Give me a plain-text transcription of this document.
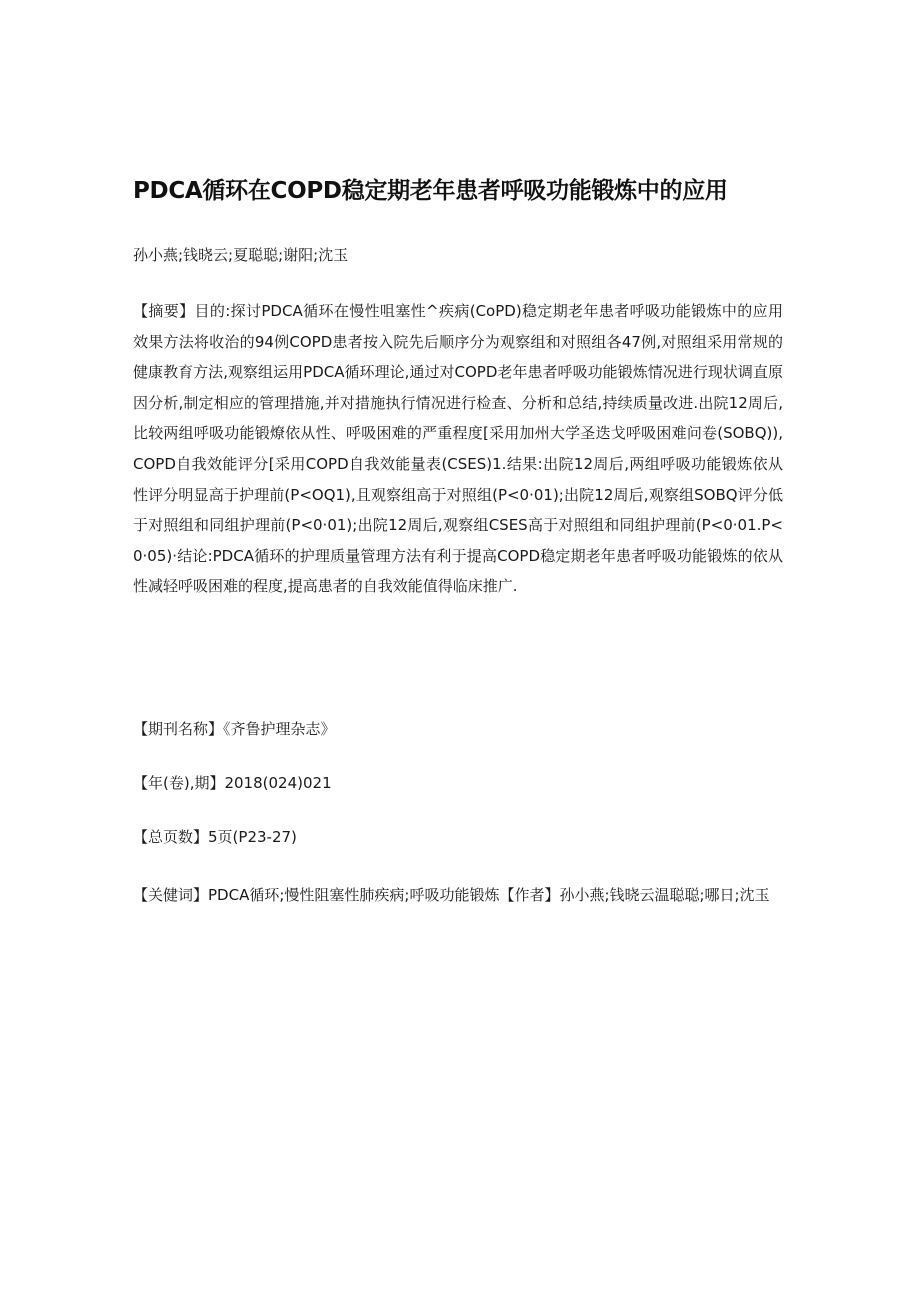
PDCA循环在COPD稳定期老年患者呼吸功能锻炼中的应用
孙小燕;钱晓云;夏聪聪;谢阳;沈玉

【摘要】目的:探讨PDCA循环在慢性咀塞性^疾病(CoPD)稳定期老年患者呼吸功能锻炼中的应用效果方法将收治的94例COPD患者按入院先后顺序分为观察组和对照组各47例,对照组采用常规的健康教育方法,观察组运用PDCA循环理论,通过对COPD老年患者呼吸功能锻炼情况进行现状调直原因分析,制定相应的管理措施,并对措施执行情况进行检查、分析和总结,持续质量改进.出院12周后,比较两组呼吸功能锻燎依从性、呼吸困难的严重程度[采用加州大学圣迭戈呼吸困难问卷(SOBQ)),COPD自我效能评分[采用COPD自我效能量表(CSES)1.结果:出院12周后,两组呼吸功能锻炼依从性评分明显高于护理前(P<OQ1),且观察组高于对照组(P<0·01);出院12周后,观察组SOBQ评分低于对照组和同组护理前(P<0·01);出院12周后,观察组CSES高于对照组和同组护理前(P<0·01.P<0·05)·结论:PDCA循环的护理质量管理方法有利于提高COPD稳定期老年患者呼吸功能锻炼的依从性减轻呼吸困难的程度,提高患者的自我效能值得临床推广.

【期刊名称】《齐鲁护理杂志》
【年(卷),期】2018(024)021
【总页数】5页(P23-27)

【关健词】PDCA循环;慢性阻塞性肺疾病;呼吸功能锻炼【作者】孙小燕;钱晓云温聪聪;哪日;沈玉
